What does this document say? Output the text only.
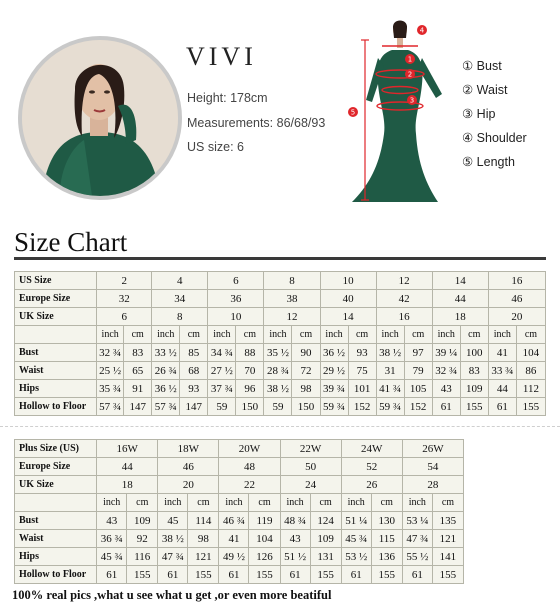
VIVI
Height: 178cm
Measurements: 86/68/93
US size: 6
4
1
2
3
5
① Bust
② Waist
③ Hip
④ Shoulder
⑤ Length
Size Chart
US Size	2		4		6		8		10		12		14		16	
Europe Size	32		34		36		38		40		42		44		46	
UK Size	6		8		10		12		14		16		18		20	
	inch	cm	inch	cm	inch	cm	inch	cm	inch	cm	inch	cm	inch	cm	inch	cm
Bust	32 ¾	83	33 ½	85	34 ¾	88	35 ½	90	36 ½	93	38 ½	97	39 ¼	100	41	104
Waist	25 ½	65	26 ¾	68	27 ½	70	28 ¾	72	29 ½	75	31	79	32 ¾	83	33 ¾	86
Hips	35 ¾	91	36 ½	93	37 ¾	96	38 ½	98	39 ¾	101	41 ¾	105	43	109	44	112
Hollow to Floor	57 ¾	147	57 ¾	147	59	150	59	150	59 ¾	152	59 ¾	152	61	155	61	155
Plus Size (US)	16W		18W		20W		22W		24W		26W	
Europe Size	44		46		48		50		52		54	
UK Size	18		20		22		24		26		28	
	inch	cm	inch	cm	inch	cm	inch	cm	inch	cm	inch	cm
Bust	43	109	45	114	46 ¾	119	48 ¾	124	51 ¼	130	53 ¼	135
Waist	36 ¾	92	38 ½	98	41	104	43	109	45 ¾	115	47 ¾	121
Hips	45 ¾	116	47 ¾	121	49 ½	126	51 ½	131	53 ½	136	55 ½	141
Hollow to Floor	61	155	61	155	61	155	61	155	61	155	61	155
100% real pics ,what u see what u get ,or even more beatiful
